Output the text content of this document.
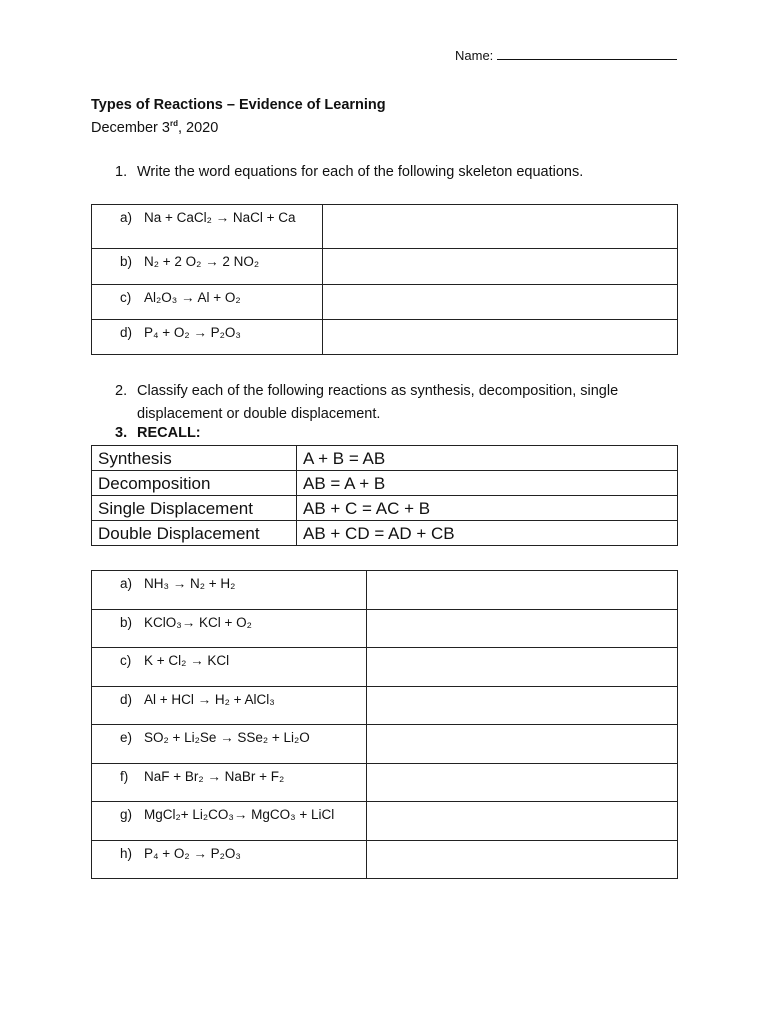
Name:
Types of Reactions – Evidence of Learning
December 3rd, 2020
1. Write the word equations for each of the following skeleton equations.
a) Na + CaCl₂ → NaCl + Ca	
b) N₂ + 2 O₂ → 2 NO₂	
c) Al₂O₃ → Al + O₂	
d) P₄ + O₂ → P₂O₃	
2. Classify each of the following reactions as synthesis, decomposition, single displacement or double displacement.
3. RECALL:
Synthesis	A + B = AB
Decomposition	AB = A + B
Single Displacement	AB + C = AC + B
Double Displacement	AB + CD = AD + CB
a) NH₃ → N₂ + H₂	
b) KClO₃→ KCl + O₂	
c) K + Cl₂ → KCl	
d) Al + HCl → H₂ + AlCl₃	
e) SO₂ + Li₂Se → SSe₂ + Li₂O	
f) NaF + Br₂ → NaBr + F₂	
g) MgCl₂+ Li₂CO₃→ MgCO₃ + LiCl	
h) P₄ + O₂ → P₂O₃	
